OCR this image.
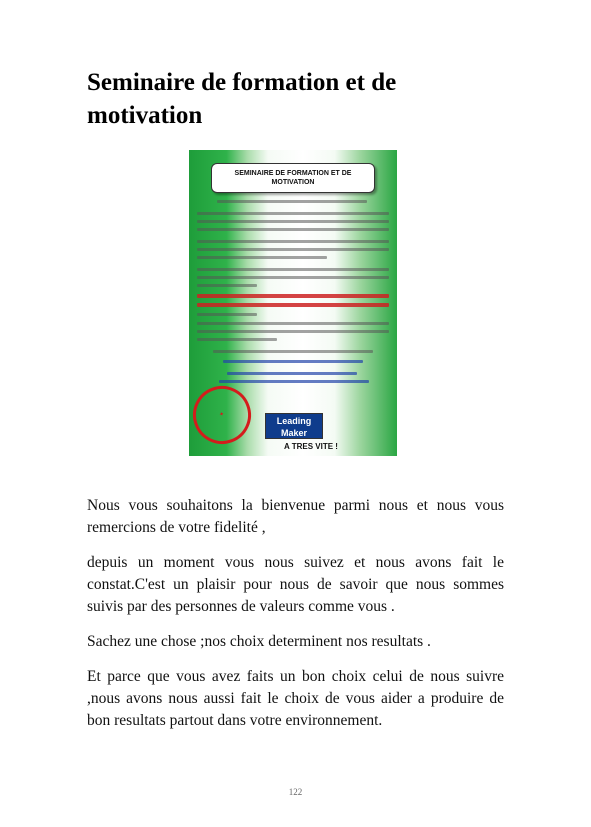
Seminaire de formation et de motivation
SEMINAIRE DE FORMATION ET DE
MOTIVATION
✦
Leading Maker
A TRES VITE !

Nous vous souhaitons la bienvenue parmi nous et nous vous remercions de votre fidelité ,

depuis un moment vous nous suivez et nous avons fait le constat.C'est un plaisir pour nous de savoir que nous sommes suivis par des personnes de valeurs comme vous .

Sachez une chose ;nos choix determinent nos resultats .

Et parce que vous avez faits un bon choix celui de nous suivre ,nous avons nous aussi fait le choix de vous aider a produire de bon resultats partout dans votre environnement.

122
